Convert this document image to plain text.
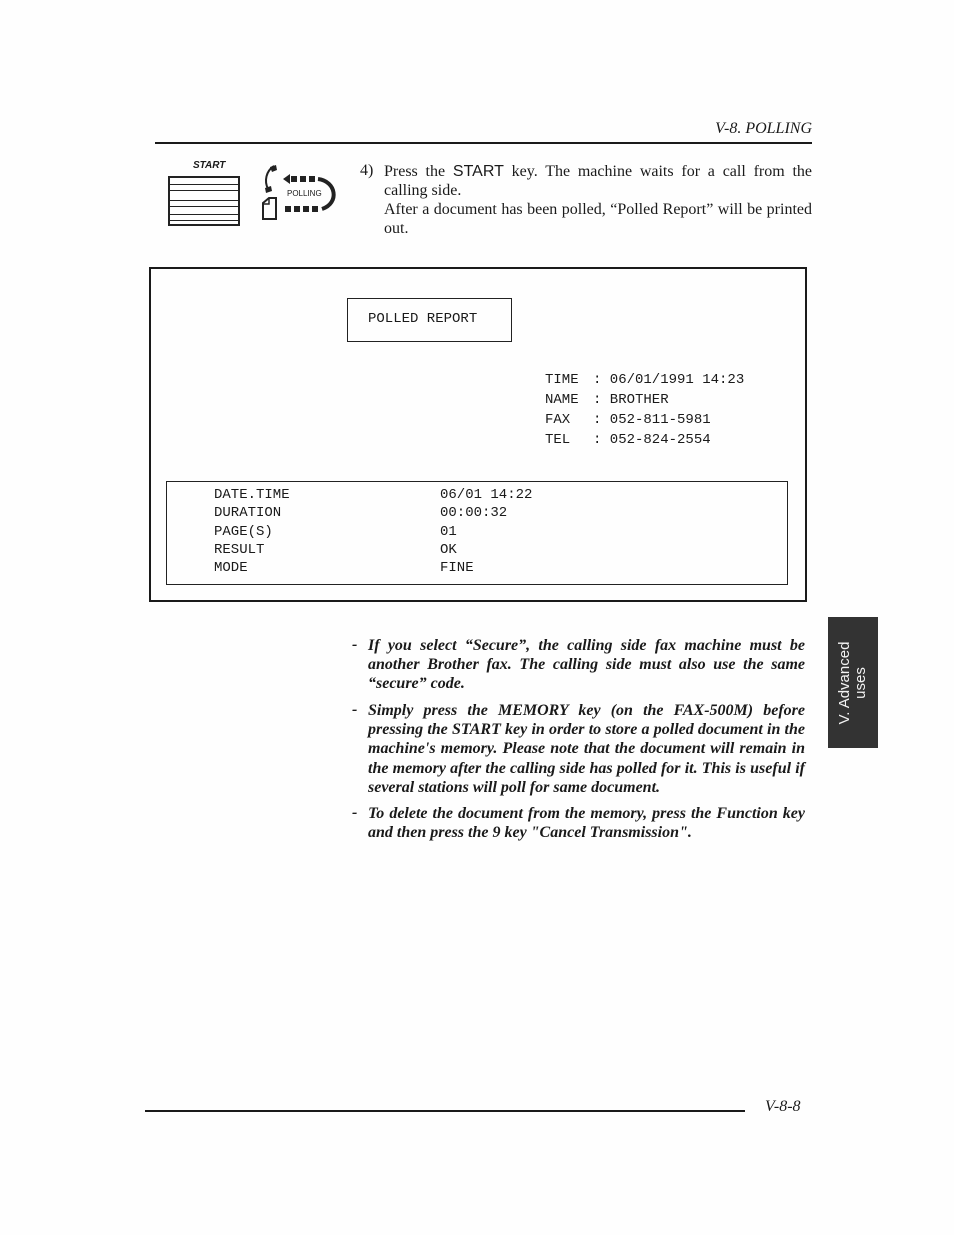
V-8. POLLING
START
POLLING
4) Press the START key. The machine waits for a call from the calling side.
After a document has been polled, “Polled Report” will be printed out.
POLLED REPORT
TIME : 06/01/1991 14:23
NAME : BROTHER
FAX : 052-811-5981
TEL : 052-824-2554
DATE.TIME	06/01 14:22
DURATION	00:00:32
PAGE(S)	01
RESULT	OK
MODE	FINE
- If you select “Secure”, the calling side fax machine must be another Brother fax. The calling side must also use the same “secure” code.
- Simply press the MEMORY key (on the FAX-500M) before pressing the START key in order to store a polled document in the machine's memory. Please note that the document will remain in the memory after the calling side has polled for it. This is useful if several stations will poll for same document.
- To delete the document from the memory, press the Function key and then press the 9 key "Cancel Transmission".
V. Advanced uses
V-8-8
